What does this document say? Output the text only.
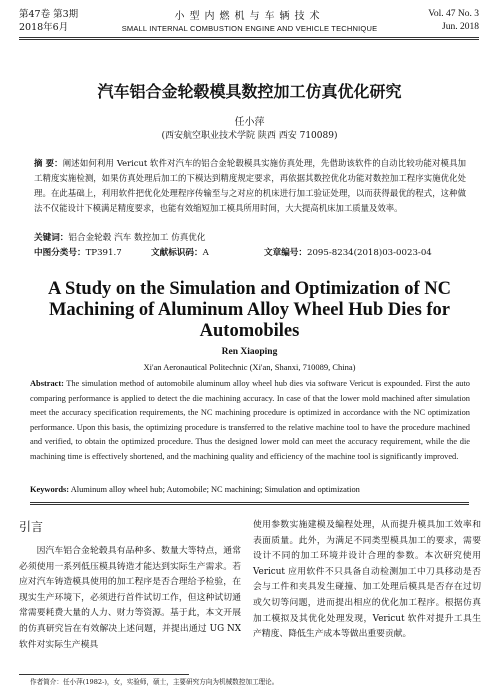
第47卷 第3期
2018年6月
小型内燃机与车辆技术
SMALL INTERNAL COMBUSTION ENGINE AND VEHICLE TECHNIQUE
Vol. 47 No. 3
Jun. 2018
汽车铝合金轮毂模具数控加工仿真优化研究
任小萍
(西安航空职业技术学院 陕西 西安 710089)
摘 要：阐述如何利用 Vericut 软件对汽车的铝合金轮毂模具实施仿真处理，先借助该软件的自动比较功能对模具加工精度实施检测，如果仿真处理后加工的下模达到精度规定要求，再依据其数控优化功能对数控加工程序实施优化处理。在此基础上，利用软件把优化处理程序传输至与之对应的机床进行加工验证处理，以而获得最优的程式，这种做法不仅能设计下模满足精度要求，也能有效缩短加工模具所用时间，大大提高机床加工质量及效率。
关键词：铝合金轮毂 汽车 数控加工 仿真优化
中图分类号：TP391.7	文献标识码：A	文章编号：2095-8234(2018)03-0023-04
A Study on the Simulation and Optimization of NC Machining of Aluminum Alloy Wheel Hub Dies for Automobiles
Ren Xiaoping
Xi'an Aeronautical Politechnic (Xi'an, Shanxi, 710089, China)
Abstract: The simulation method of automobile aluminum alloy wheel hub dies via software Vericut is expounded. First the auto comparing performance is applied to detect the die machining accuracy. In case of that the lower mold machined after simulation meet the accuracy specification requirements, the NC machining procedure is optimized in accordance with the NC optimization performance. Upon this basis, the optimizing procedure is transferred to the relative machine tool to have the procedure machined and verified, to obtain the optimized procedure. Thus the designed lower mold can meet the accuracy requirement, while the die machining time is effectively shortened, and the machining quality and efficiency of the machine tool is significantly improved.
Keywords: Aluminum alloy wheel hub; Automobile; NC machining; Simulation and optimization
引言
因汽车铝合金轮毂具有品种多、数量大等特点，通常必须使用一系列低压模具铸造才能达到实际生产需求。若应对汽车铸造模具使用的加工程序是否合理给予检验，在现实生产环境下，必须进行首件试切工作，但这种试切通常需要耗费大量的人力、财力等资源。基于此，本文开展的仿真研究旨在有效解决上述问题，并提出通过 UG NX 软件对实际生产模具
使用参数实施建模及编程处理，从而提升模具加工效率和表面质量。此外，为满足不同类型模具加工的要求，需要设计不同的加工环境并设计合理的参数。本次研究使用 Vericut 应用软件不只具备自动检测加工中刀具移动是否会与工件和夹具发生碰撞、加工处理后模具是否存在过切或欠切等问题，进而提出相应的优化加工程序。根据仿真加工模拟及其优化处理发现，Vericut 软件对提升工具生产精度、降低生产成本等做出重要贡献。
作者简介：任小萍(1982-)，女，实验师，硕士，主要研究方向为机械数控加工理论。
